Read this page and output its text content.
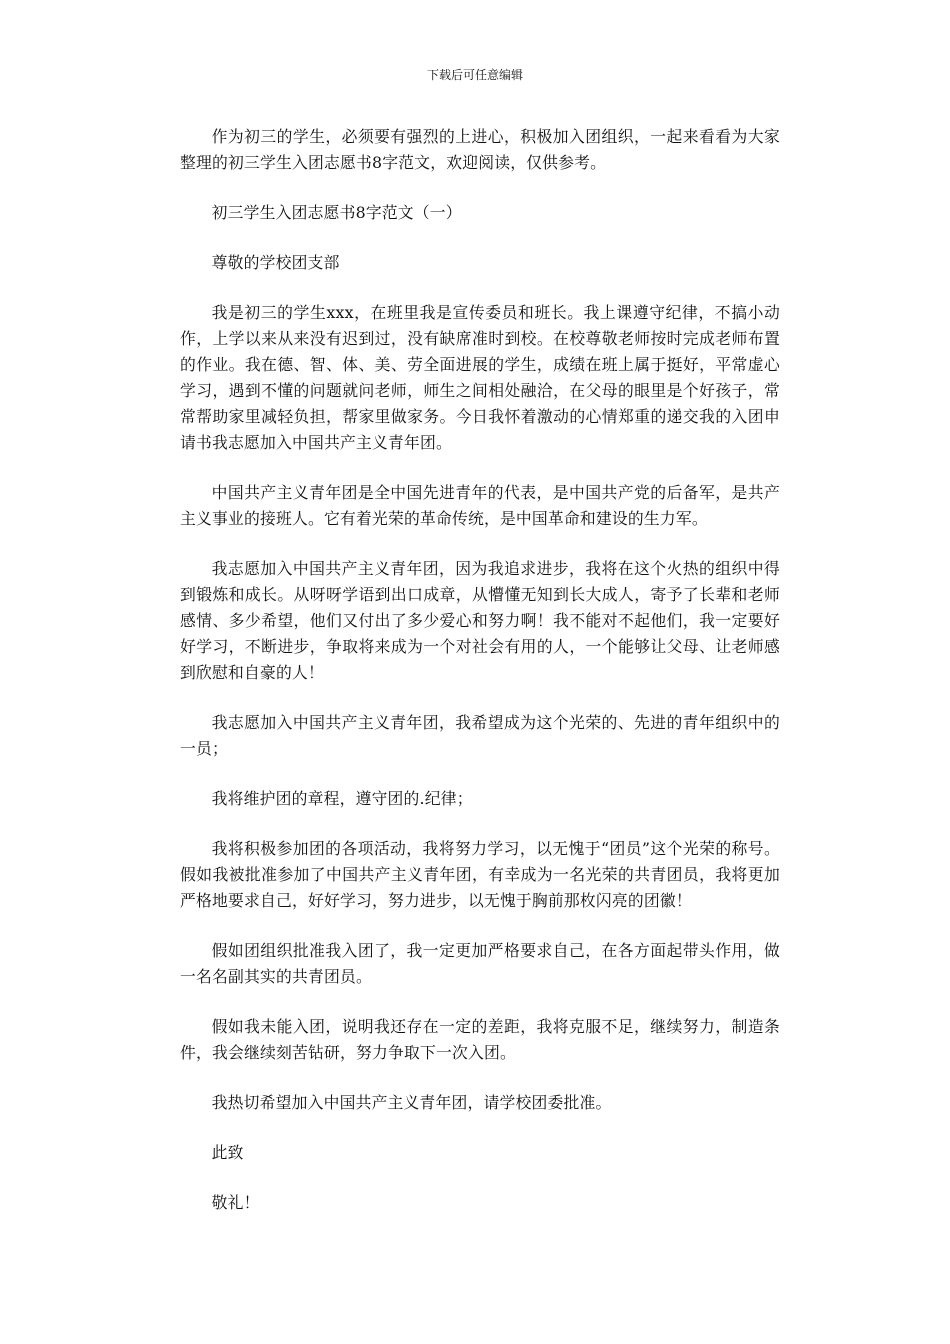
下载后可任意编辑

作为初三的学生，必须要有强烈的上进心，积极加入团组织，一起来看看为大家整理的初三学生入团志愿书8字范文，欢迎阅读，仅供参考。

初三学生入团志愿书8字范文（一）

尊敬的学校团支部

我是初三的学生xxx，在班里我是宣传委员和班长。我上课遵守纪律，不搞小动作，上学以来从来没有迟到过，没有缺席准时到校。在校尊敬老师按时完成老师布置的作业。我在德、智、体、美、劳全面进展的学生，成绩在班上属于挺好，平常虚心学习，遇到不懂的问题就问老师，师生之间相处融洽，在父母的眼里是个好孩子，常常帮助家里减轻负担，帮家里做家务。今日我怀着激动的心情郑重的递交我的入团申请书我志愿加入中国共产主义青年团。

中国共产主义青年团是全中国先进青年的代表，是中国共产党的后备军，是共产主义事业的接班人。它有着光荣的革命传统，是中国革命和建设的生力军。

我志愿加入中国共产主义青年团，因为我追求进步，我将在这个火热的组织中得到锻炼和成长。从呀呀学语到出口成章，从懵懂无知到长大成人，寄予了长辈和老师感情、多少希望，他们又付出了多少爱心和努力啊！我不能对不起他们，我一定要好好学习，不断进步，争取将来成为一个对社会有用的人，一个能够让父母、让老师感到欣慰和自豪的人！

我志愿加入中国共产主义青年团，我希望成为这个光荣的、先进的青年组织中的一员；

我将维护团的章程，遵守团的.纪律；

我将积极参加团的各项活动，我将努力学习，以无愧于“团员”这个光荣的称号。假如我被批准参加了中国共产主义青年团，有幸成为一名光荣的共青团员，我将更加严格地要求自己，好好学习，努力进步，以无愧于胸前那枚闪亮的团徽！

假如团组织批准我入团了，我一定更加严格要求自己，在各方面起带头作用，做一名名副其实的共青团员。

假如我未能入团，说明我还存在一定的差距，我将克服不足，继续努力，制造条件，我会继续刻苦钻研，努力争取下一次入团。

我热切希望加入中国共产主义青年团，请学校团委批准。

此致

敬礼！
